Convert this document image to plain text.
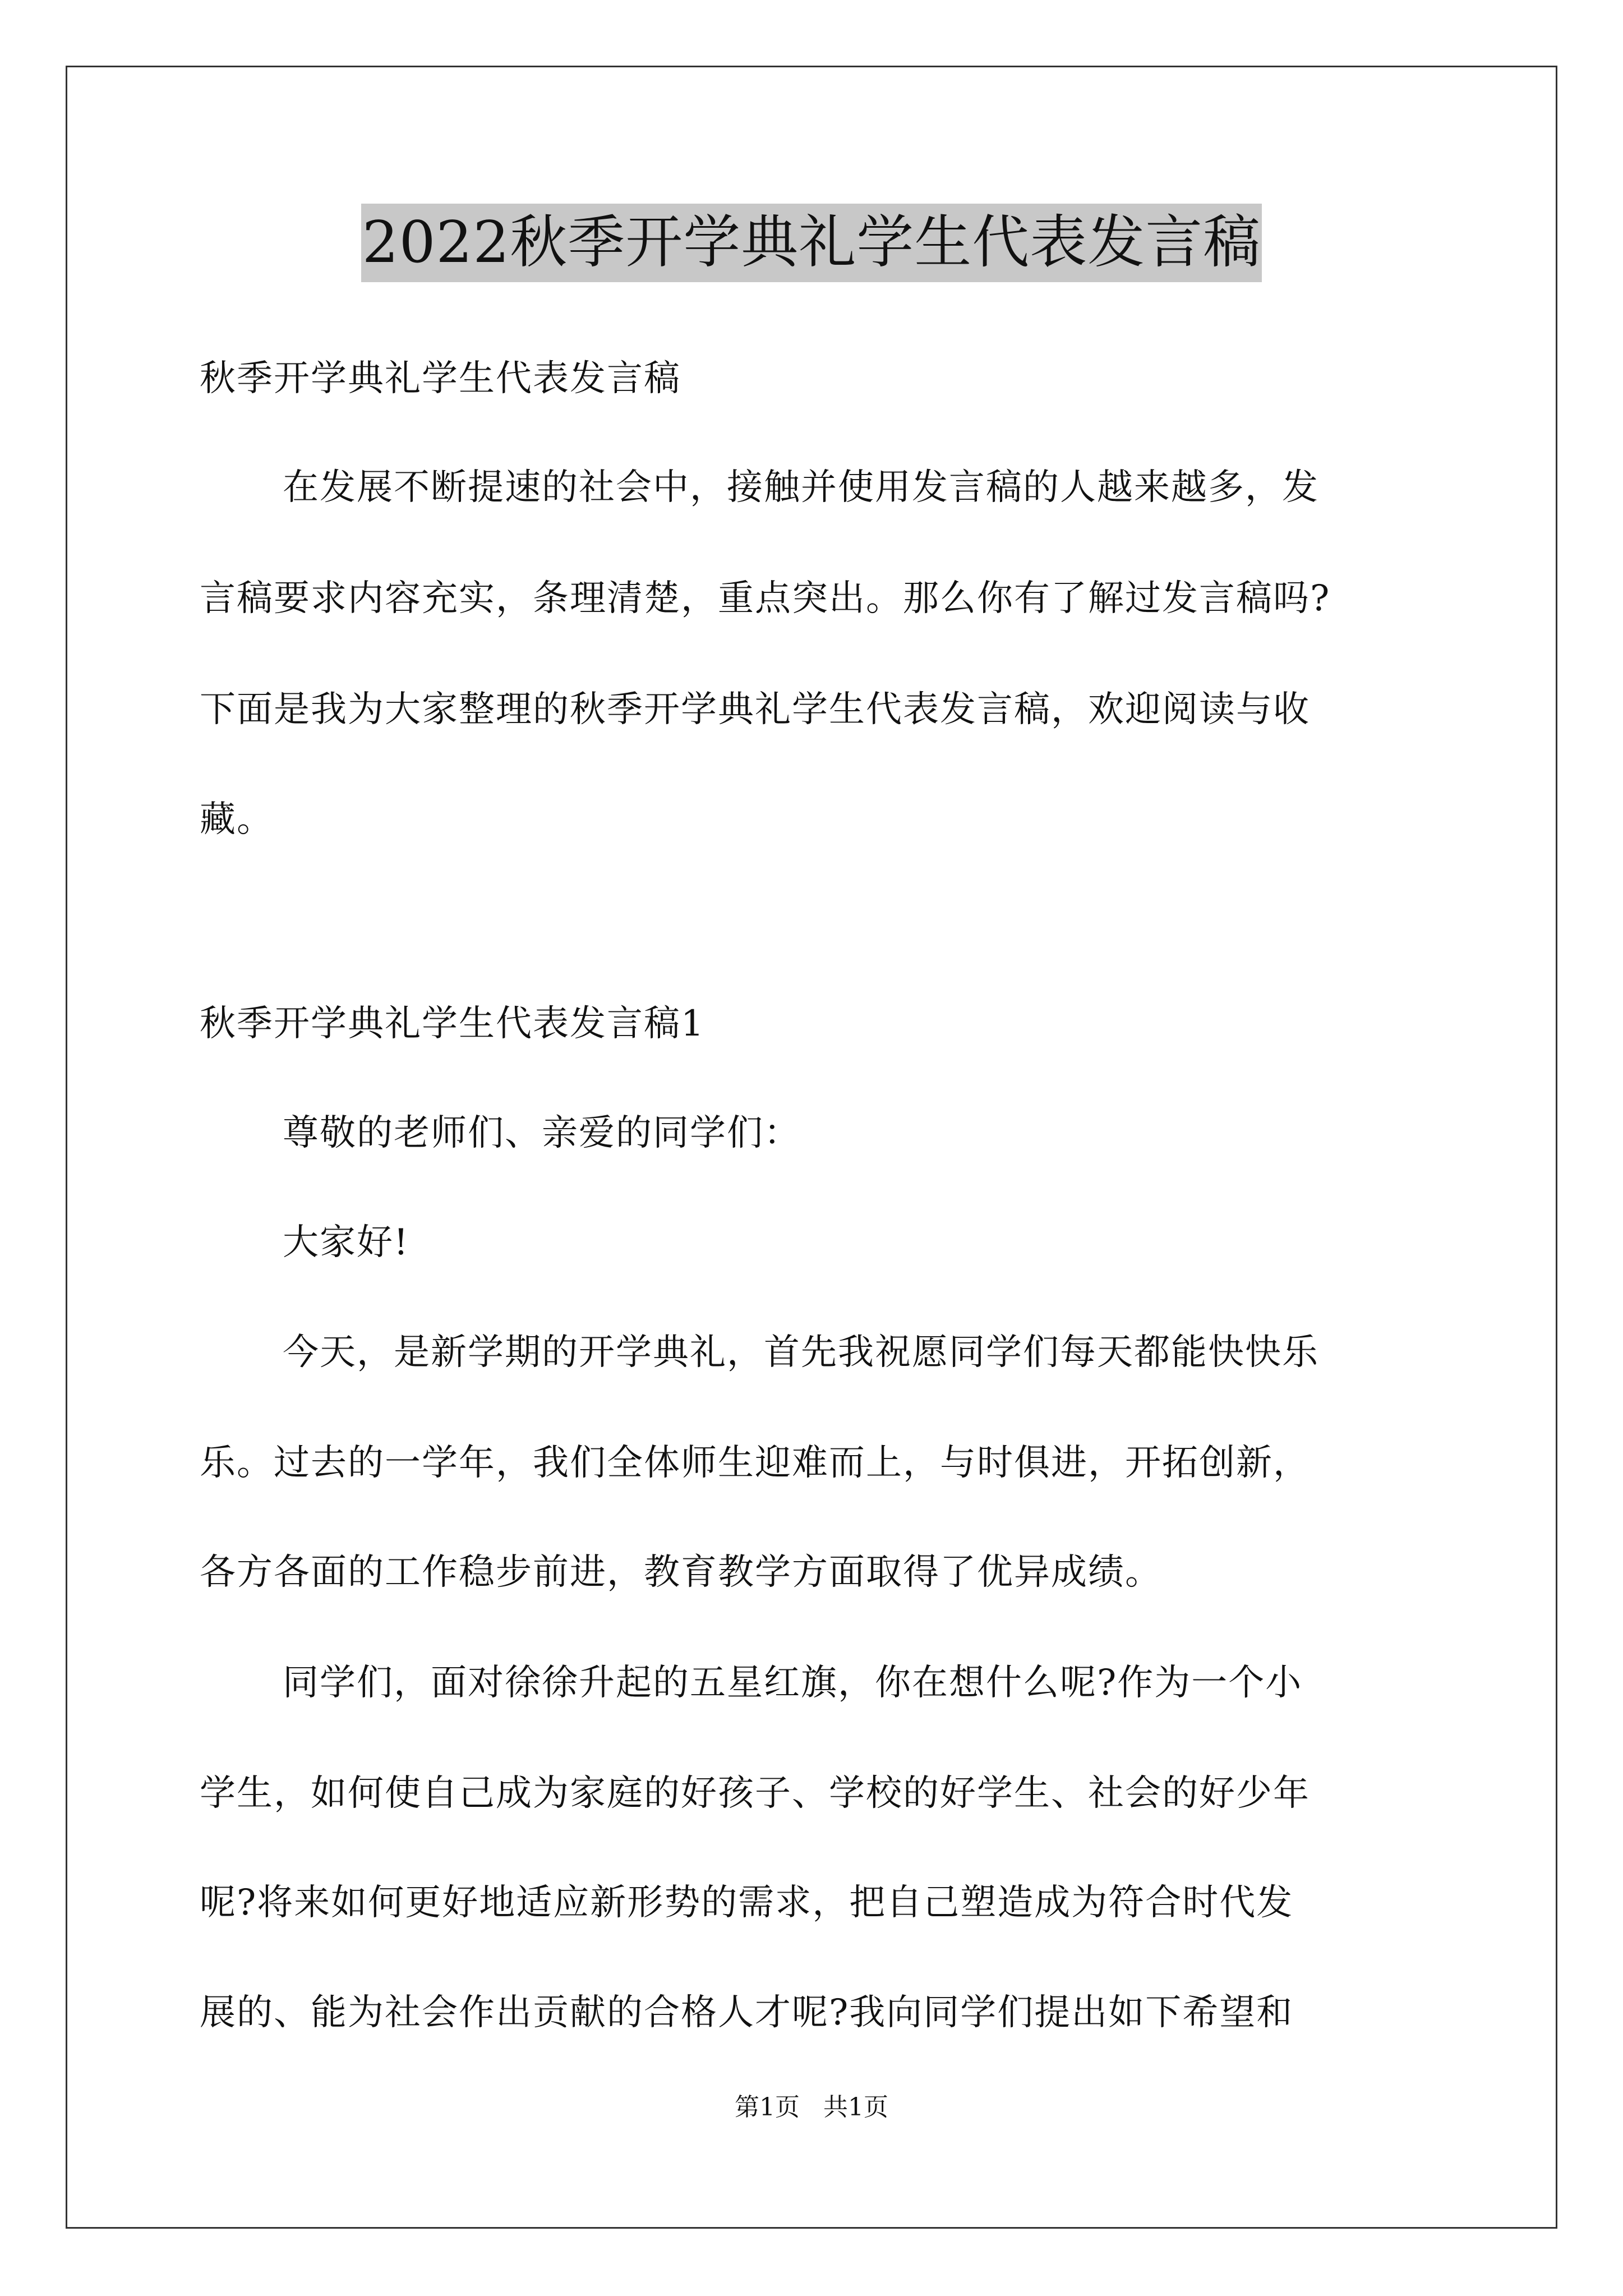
2022秋季开学典礼学生代表发言稿

秋季开学典礼学生代表发言稿

在发展不断提速的社会中，接触并使用发言稿的人越来越多，发

言稿要求内容充实，条理清楚，重点突出。那么你有了解过发言稿吗?

下面是我为大家整理的秋季开学典礼学生代表发言稿，欢迎阅读与收

藏。

秋季开学典礼学生代表发言稿1

尊敬的老师们、亲爱的同学们：

大家好!

今天，是新学期的开学典礼，首先我祝愿同学们每天都能快快乐

乐。过去的一学年，我们全体师生迎难而上，与时俱进，开拓创新，

各方各面的工作稳步前进，教育教学方面取得了优异成绩。

同学们，面对徐徐升起的五星红旗，你在想什么呢?作为一个小

学生，如何使自己成为家庭的好孩子、学校的好学生、社会的好少年

呢?将来如何更好地适应新形势的需求，把自己塑造成为符合时代发

展的、能为社会作出贡献的合格人才呢?我向同学们提出如下希望和

第1页   共1页
